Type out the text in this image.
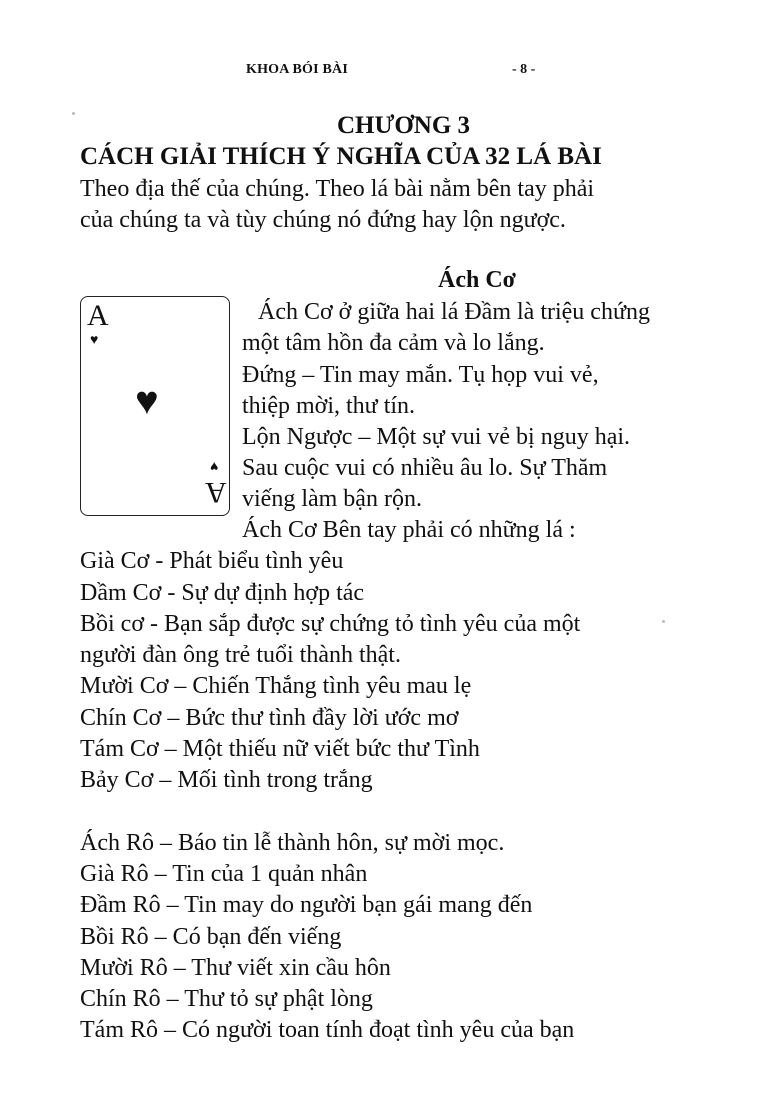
KHOA BÓI BÀI	- 8 -
CHƯƠNG 3
CÁCH GIẢI THÍCH Ý NGHĨA CỦA 32 LÁ BÀI
Theo địa thế của chúng. Theo lá bài nằm bên tay phải
của chúng ta và tùy chúng nó đứng hay lộn ngược.
Ách Cơ
A
♥
♥
♥
A
Ách Cơ ở giữa hai lá Đầm là triệu chứng
một tâm hồn đa cảm và lo lắng.
Đứng – Tin may mắn. Tụ họp vui vẻ,
thiệp mời, thư tín.
Lộn Ngược – Một sự vui vẻ bị nguy hại.
Sau cuộc vui có nhiều âu lo. Sự Thăm
viếng làm bận rộn.
Ách Cơ Bên tay phải có những lá :
Già Cơ - Phát biểu tình yêu
Dầm Cơ - Sự dự định hợp tác
Bồi cơ - Bạn sắp được sự chứng tỏ tình yêu của một
người đàn ông trẻ tuổi thành thật.
Mười Cơ – Chiến Thắng tình yêu mau lẹ
Chín Cơ – Bức thư tình đầy lời ước mơ
Tám Cơ – Một thiếu nữ viết bức thư Tình
Bảy Cơ – Mối tình trong trắng
Ách Rô – Báo tin lễ thành hôn, sự mời mọc.
Già Rô – Tin của 1 quản nhân
Đầm Rô – Tin may do người bạn gái mang đến
Bồi Rô – Có bạn đến viếng
Mười Rô – Thư viết xin cầu hôn
Chín Rô – Thư tỏ sự phật lòng
Tám Rô – Có người toan tính đoạt tình yêu của bạn
